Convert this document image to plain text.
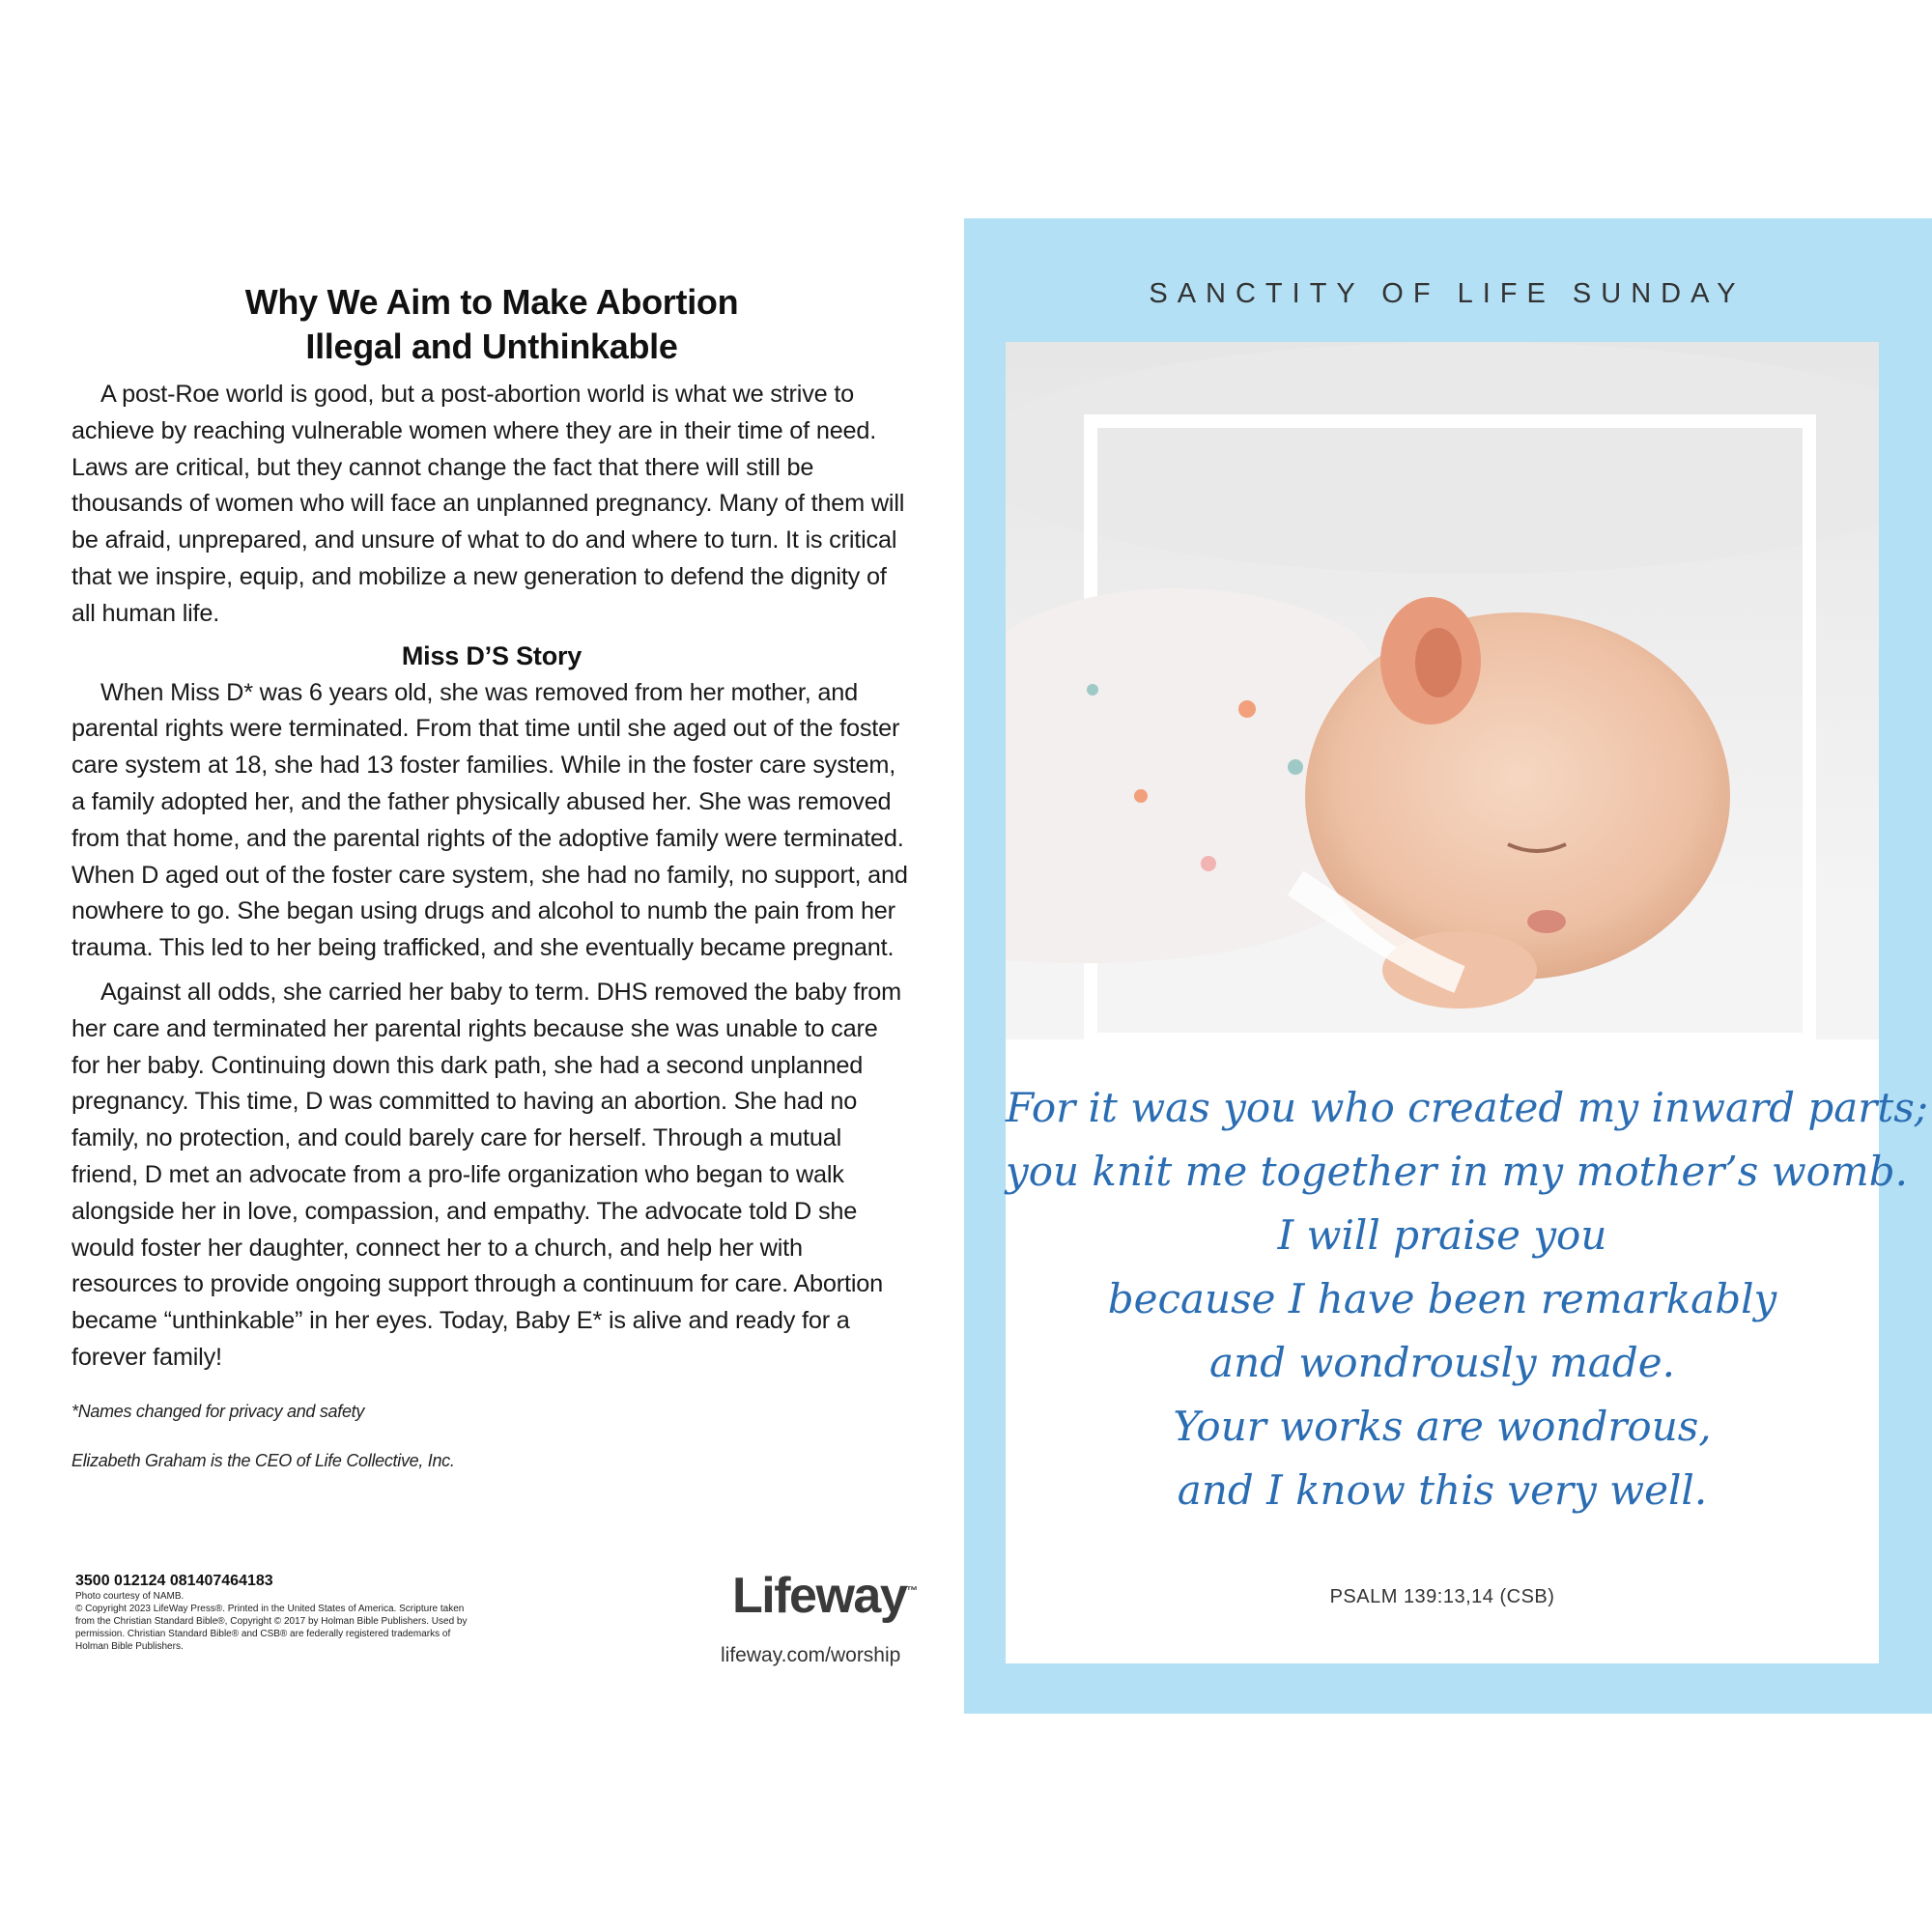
Why We Aim to Make Abortion
Illegal and Unthinkable

A post-Roe world is good, but a post-abortion world is what we strive to achieve by reaching vulnerable women where they are in their time of need. Laws are critical, but they cannot change the fact that there will still be thousands of women who will face an unplanned pregnancy. Many of them will be afraid, unprepared, and unsure of what to do and where to turn. It is critical that we inspire, equip, and mobilize a new generation to defend the dignity of all human life.

Miss D’S Story

When Miss D* was 6 years old, she was removed from her mother, and parental rights were terminated. From that time until she aged out of the foster care system at 18, she had 13 foster families. While in the foster care system, a family adopted her, and the father physically abused her. She was removed from that home, and the parental rights of the adoptive family were terminated. When D aged out of the foster care system, she had no family, no support, and nowhere to go. She began using drugs and alcohol to numb the pain from her trauma. This led to her being trafficked, and she eventually became pregnant.

Against all odds, she carried her baby to term. DHS removed the baby from her care and terminated her parental rights because she was unable to care for her baby. Continuing down this dark path, she had a second unplanned pregnancy. This time, D was committed to having an abortion. She had no family, no protection, and could barely care for herself. Through a mutual friend, D met an advocate from a pro-life organization who began to walk alongside her in love, compassion, and empathy. The advocate told D she would foster her daughter, connect her to a church, and help her with resources to provide ongoing support through a continuum for care. Abortion became “unthinkable” in her eyes. Today, Baby E* is alive and ready for a forever family!

*Names changed for privacy and safety

Elizabeth Graham is the CEO of Life Collective, Inc.

3500 012124 081407464183
Photo courtesy of NAMB.
© Copyright 2023 LifeWay Press®. Printed in the United States of America. Scripture taken from the Christian Standard Bible®, Copyright © 2017 by Holman Bible Publishers. Used by permission. Christian Standard Bible® and CSB® are federally registered trademarks of Holman Bible Publishers.
Lifeway™
lifeway.com/worship
SANCTITY OF LIFE SUNDAY
For it was you who created my inward parts;
you knit me together in my mother’s womb.
I will praise you
because I have been remarkably
and wondrously made.
Your works are wondrous,
and I know this very well.
PSALM 139:13,14 (CSB)
